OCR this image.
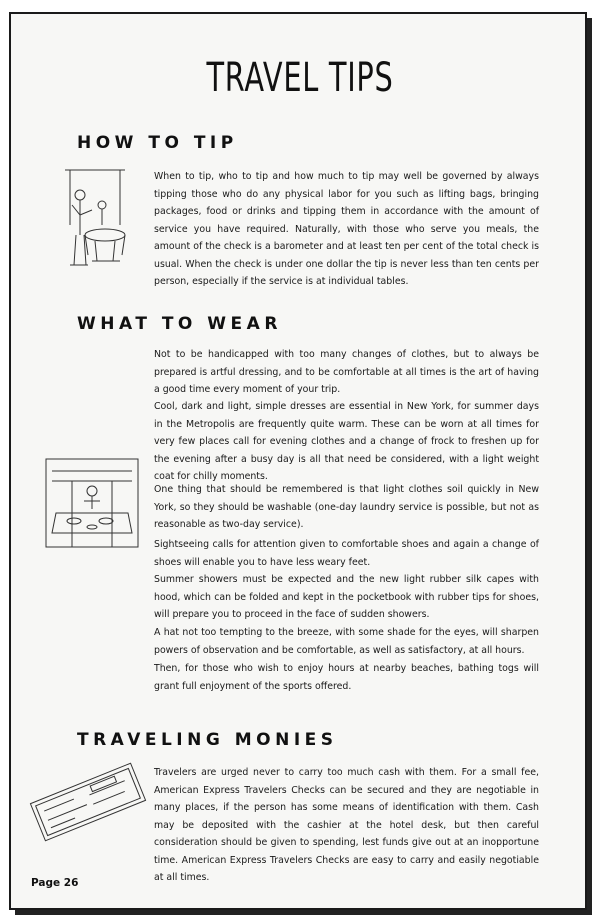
TRAVEL TIPS
HOW TO TIP

When to tip, who to tip and how much to tip may well be governed by always tipping those who do any physical labor for you such as lifting bags, bringing packages, food or drinks and tipping them in accordance with the amount of service you have required. Naturally, with those who serve you meals, the amount of the check is a barometer and at least ten per cent of the total check is usual. When the check is under one dollar the tip is never less than ten cents per person, especially if the service is at individual tables.

WHAT TO WEAR

Not to be handicapped with too many changes of clothes, but to always be prepared is artful dressing, and to be comfortable at all times is the art of having a good time every moment of your trip.

Cool, dark and light, simple dresses are essential in New York, for summer days in the Metropolis are frequently quite warm. These can be worn at all times for very few places call for evening clothes and a change of frock to freshen up for the evening after a busy day is all that need be considered, with a light weight coat for chilly moments.

One thing that should be remembered is that light clothes soil quickly in New York, so they should be washable (one-day laundry service is possible, but not as reasonable as two-day service).

Sightseeing calls for attention given to comfortable shoes and again a change of shoes will enable you to have less weary feet.

Summer showers must be expected and the new light rubber silk capes with hood, which can be folded and kept in the pocketbook with rubber tips for shoes, will prepare you to proceed in the face of sudden showers.

A hat not too tempting to the breeze, with some shade for the eyes, will sharpen powers of observation and be comfortable, as well as satisfactory, at all hours.

Then, for those who wish to enjoy hours at nearby beaches, bathing togs will grant full enjoyment of the sports offered.

TRAVELING MONIES

Travelers are urged never to carry too much cash with them. For a small fee, American Express Travelers Checks can be secured and they are negotiable in many places, if the person has some means of identification with them. Cash may be deposited with the cashier at the hotel desk, but then careful consideration should be given to spending, lest funds give out at an inopportune time. American Express Travelers Checks are easy to carry and easily negotiable at all times.

Page 26
